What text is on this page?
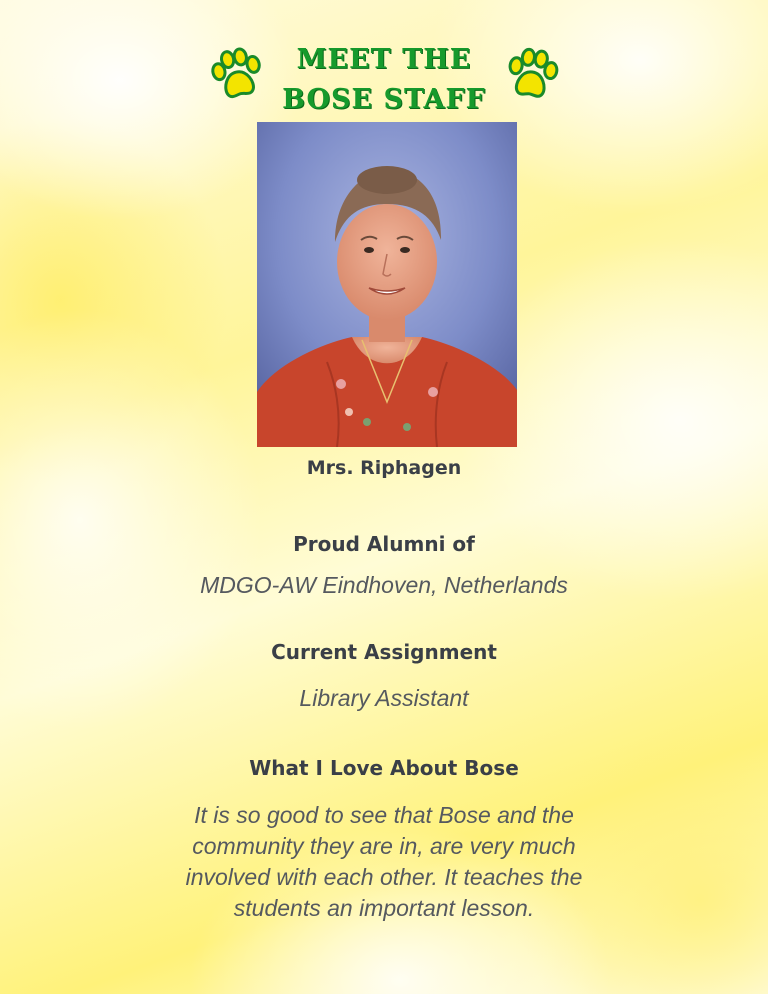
MEET THE
BOSE STAFF
Mrs. Riphagen
Proud Alumni of
MDGO-AW Eindhoven, Netherlands
Current Assignment
Library Assistant
What I Love About Bose
It is so good to see that Bose and the community they are in, are very much involved with each other. It teaches the students an important lesson.
